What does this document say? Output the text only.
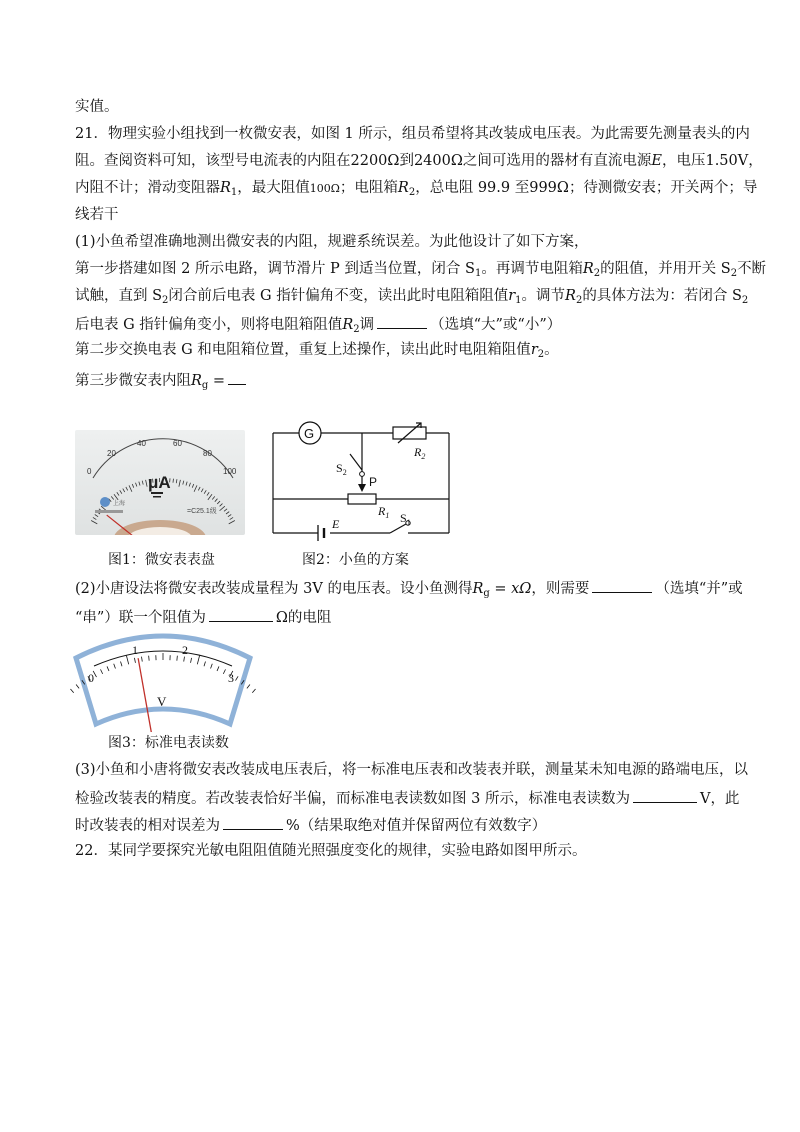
实值。
21．物理实验小组找到一枚微安表，如图 1 所示，组员希望将其改装成电压表。为此需要先测量表头的内
阻。查阅资料可知，该型号电流表的内阻在2200Ω到2400Ω之间可选用的器材有直流电源E，电压1.50V，
内阻不计；滑动变阻器$R_1$，最大阻值100Ω；电阻箱$R_2$，总电阻 99.9 至999Ω；待测微安表；开关两个；导
线若干
(1)小鱼希望准确地测出微安表的内阻，规避系统误差。为此他设计了如下方案，
第一步搭建如图 2 所示电路，调节滑片 P 到适当位置，闭合 $S_1$。再调节电阻箱$R_2$的阻值，并用开关 $S_2$不断
试触，直到 $S_2$闭合前后电表 G 指针偏角不变，读出此时电阻箱阻值$r_1$。调节$R_2$的具体方法为：若闭合 $S_2$
后电表 G 指针偏角变小，则将电阻箱阻值$R_2$调	（选填“大”或“小”）
第二步交换电表 G 和电阻箱位置，重复上述操作，读出此时电阻箱阻值$r_2$。
第三步微安表内阻$R_g$ =
0
20
40	60
80
100
μA
上海
=C25.1级
图1：微安表表盘
G
$R_2$
$S_2$
P
$R_1$
E	$S_1$
图2：小鱼的方案
(2)小唐设法将微安表改装成量程为 3V 的电压表。设小鱼测得$R_g = x\Omega$，则需要	（选填“并”或
“串”）联一个阻值为	Ω的电阻
0
1	2
3
V
图3：标准电表读数
(3)小鱼和小唐将微安表改装成电压表后，将一标准电压表和改装表并联，测量某未知电源的路端电压，以
检验改装表的精度。若改装表恰好半偏，而标准电表读数如图 3 所示，标准电表读数为	V，此
时改装表的相对误差为	%（结果取绝对值并保留两位有效数字）
22．某同学要探究光敏电阻阻值随光照强度变化的规律，实验电路如图甲所示。
